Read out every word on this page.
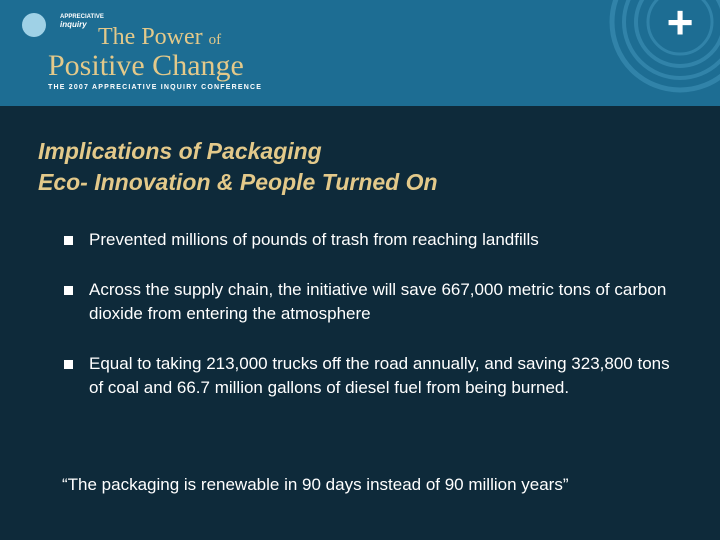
APPRECIATIVE
inquiry The Power of
Positive Change
THE 2007 APPRECIATIVE INQUIRY CONFERENCE
+
Implications of Packaging
Eco- Innovation & People Turned On
Prevented millions of pounds of trash from reaching landfills
Across the supply chain, the initiative will save 667,000 metric tons of carbon dioxide from entering the atmosphere
Equal to taking 213,000 trucks off the road annually, and saving 323,800 tons of coal and 66.7 million gallons of diesel fuel from being burned.
“The packaging is renewable in 90 days instead of 90 million years”
